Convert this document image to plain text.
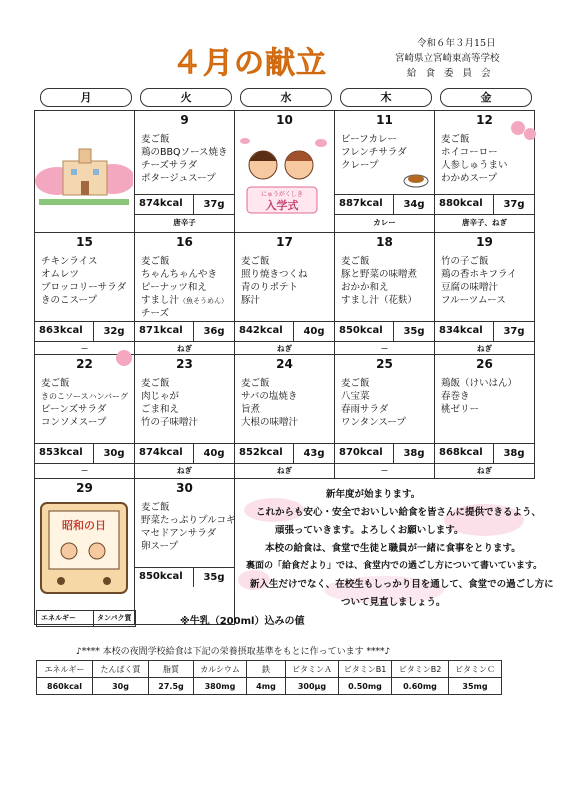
４月の献立
令和６年３月15日
宮崎県立宮崎東高等学校
給 食 委 員 会
月	火	水	木	金
9
麦ご飯
鶏のBBQソース焼き
チーズサラダ
ポタージュスープ
874kcal	37g
唐辛子
10
にゅうがくしき
入学式
11
ビーフカレー
フレンチサラダ
クレープ
887kcal	34g
カレー
12
麦ご飯
ホイコーロー
人参しゅうまい
わかめスープ
880kcal	37g
唐辛子、ねぎ
15
チキンライス
オムレツ
ブロッコリーサラダ
きのこスープ
863kcal	32g
－
16
麦ご飯
ちゃんちゃんやき
ピーナッツ和え
すまし汁（魚そうめん）
チーズ
871kcal	36g
ねぎ
17
麦ご飯
照り焼きつくね
青のりポテト
豚汁
842kcal	40g
ねぎ
18
麦ご飯
豚と野菜の味噌煮
おかか和え
すまし汁（花麩）
850kcal	35g
－
19
竹の子ご飯
鶏の香ホキフライ
豆腐の味噌汁
フルーツムース
834kcal	37g
ねぎ
22
麦ご飯
きのこソースハンバーグ
ビーンズサラダ
コンソメスープ
853kcal	30g
－
23
麦ご飯
肉じゃが
ごま和え
竹の子味噌汁
874kcal	40g
ねぎ
24
麦ご飯
サバの塩焼き
旨煮
大根の味噌汁
852kcal	43g
ねぎ
25
麦ご飯
八宝菜
春雨サラダ
ワンタンスープ
870kcal	38g
－
26
鶏飯（けいはん）
春巻き
桃ゼリー
868kcal	38g
ねぎ
29
昭和の日
30
麦ご飯
野菜たっぷりプルコギ
マセドアンサラダ
卵スープ
850kcal	35g
新年度が始まります。
これからも安心・安全でおいしい給食を皆さんに提供できるよう、
頑張っていきます。よろしくお願いします。
本校の給食は、食堂で生徒と職員が一緒に食事をとります。
裏面の「給食だより」では、食堂内での過ごし方について書いています。
新入生だけでなく、在校生もしっかり目を通して、食堂での過ごし方に
ついて見直しましょう。
エネルギー	タンパク質	※牛乳（200ml）込みの値
♪**** 本校の夜間学校給食は下記の栄養摂取基準をもとに作っています ****♪
エネルギー	たんぱく質	脂質	カルシウム	鉄	ビタミンＡ	ビタミンB1	ビタミンB2	ビタミンＣ
860kcal	30g	27.5g	380mg	4mg	300μg	0.50mg	0.60mg	35mg
